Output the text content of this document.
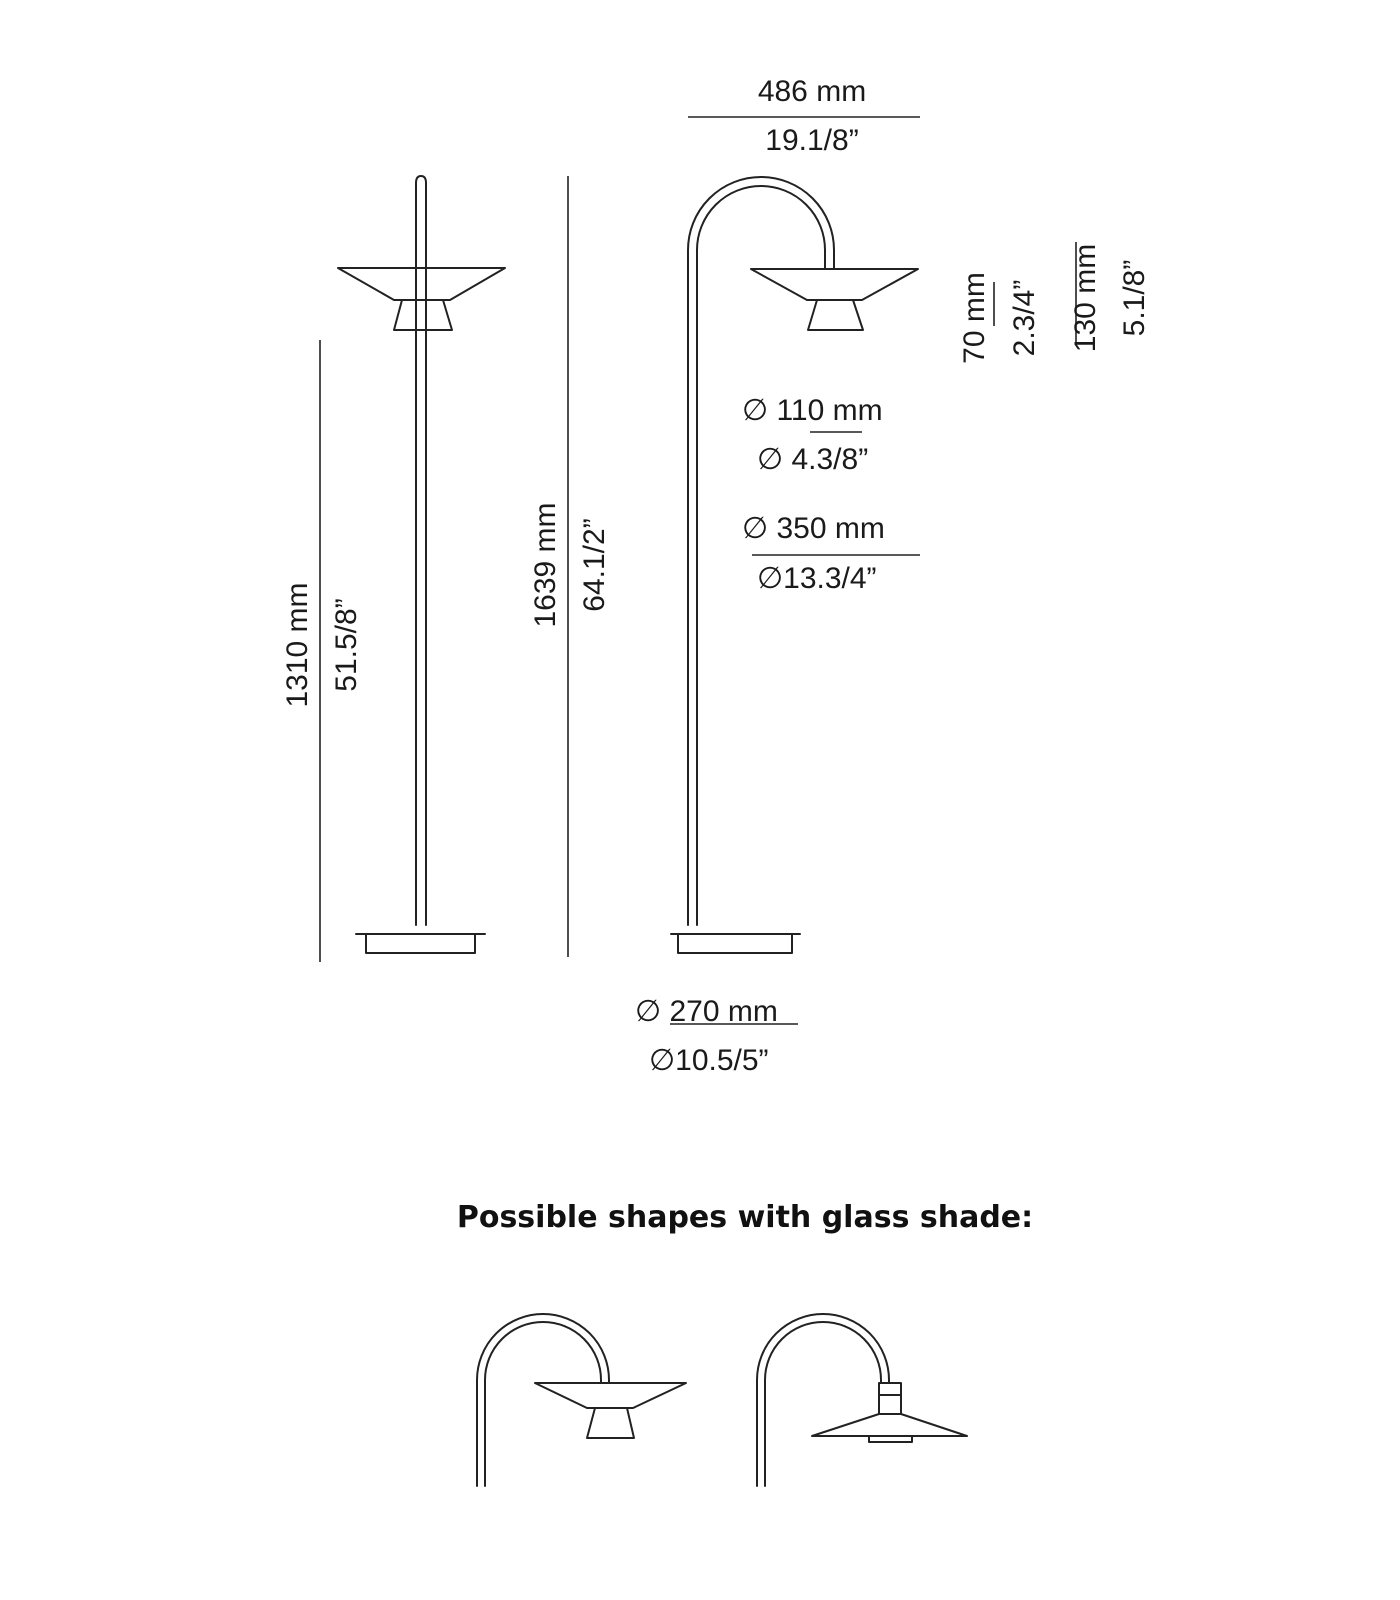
1310 mm 51.5/8”
1639 mm 64.1/2”
486 mm
19.1/8”
∅ 110 mm
∅ 4.3/8”
∅ 350 mm
∅13.3/4”
∅ 270 mm
∅10.5/5”
70 mm 2.3/4” 130 mm 5.1/8”
Possible shapes with glass shade:
